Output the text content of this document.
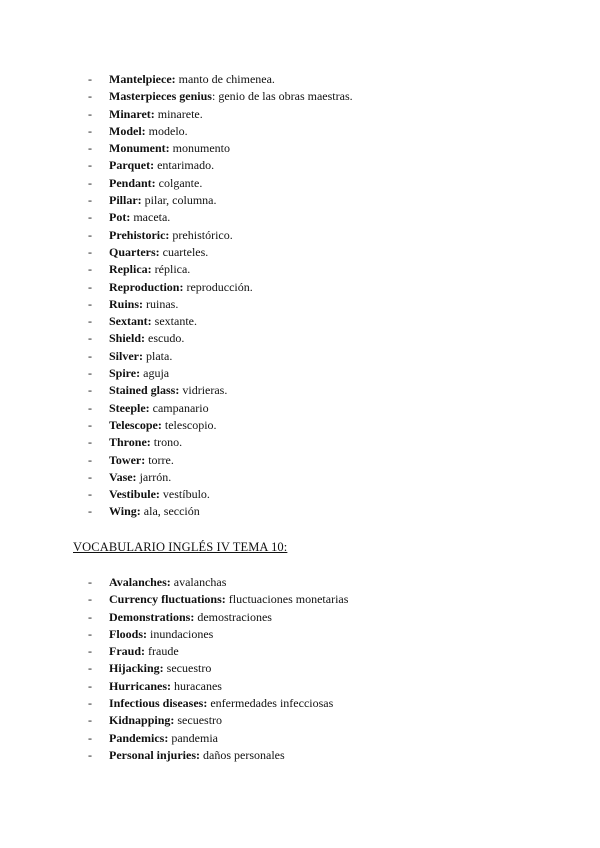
- Mantelpiece: manto de chimenea.
- Masterpieces genius: genio de las obras maestras.
- Minaret: minarete.
- Model: modelo.
- Monument: monumento
- Parquet: entarimado.
- Pendant: colgante.
- Pillar: pilar, columna.
- Pot: maceta.
- Prehistoric: prehistórico.
- Quarters: cuarteles.
- Replica: réplica.
- Reproduction: reproducción.
- Ruins: ruinas.
- Sextant: sextante.
- Shield: escudo.
- Silver: plata.
- Spire: aguja
- Stained glass: vidrieras.
- Steeple: campanario
- Telescope: telescopio.
- Throne: trono.
- Tower: torre.
- Vase: jarrón.
- Vestibule: vestíbulo.
- Wing: ala, sección
VOCABULARIO INGLÉS IV TEMA 10:
- Avalanches: avalanchas
- Currency fluctuations: fluctuaciones monetarias
- Demonstrations: demostraciones
- Floods: inundaciones
- Fraud: fraude
- Hijacking: secuestro
- Hurricanes: huracanes
- Infectious diseases: enfermedades infecciosas
- Kidnapping: secuestro
- Pandemics: pandemia
- Personal injuries: daños personales
